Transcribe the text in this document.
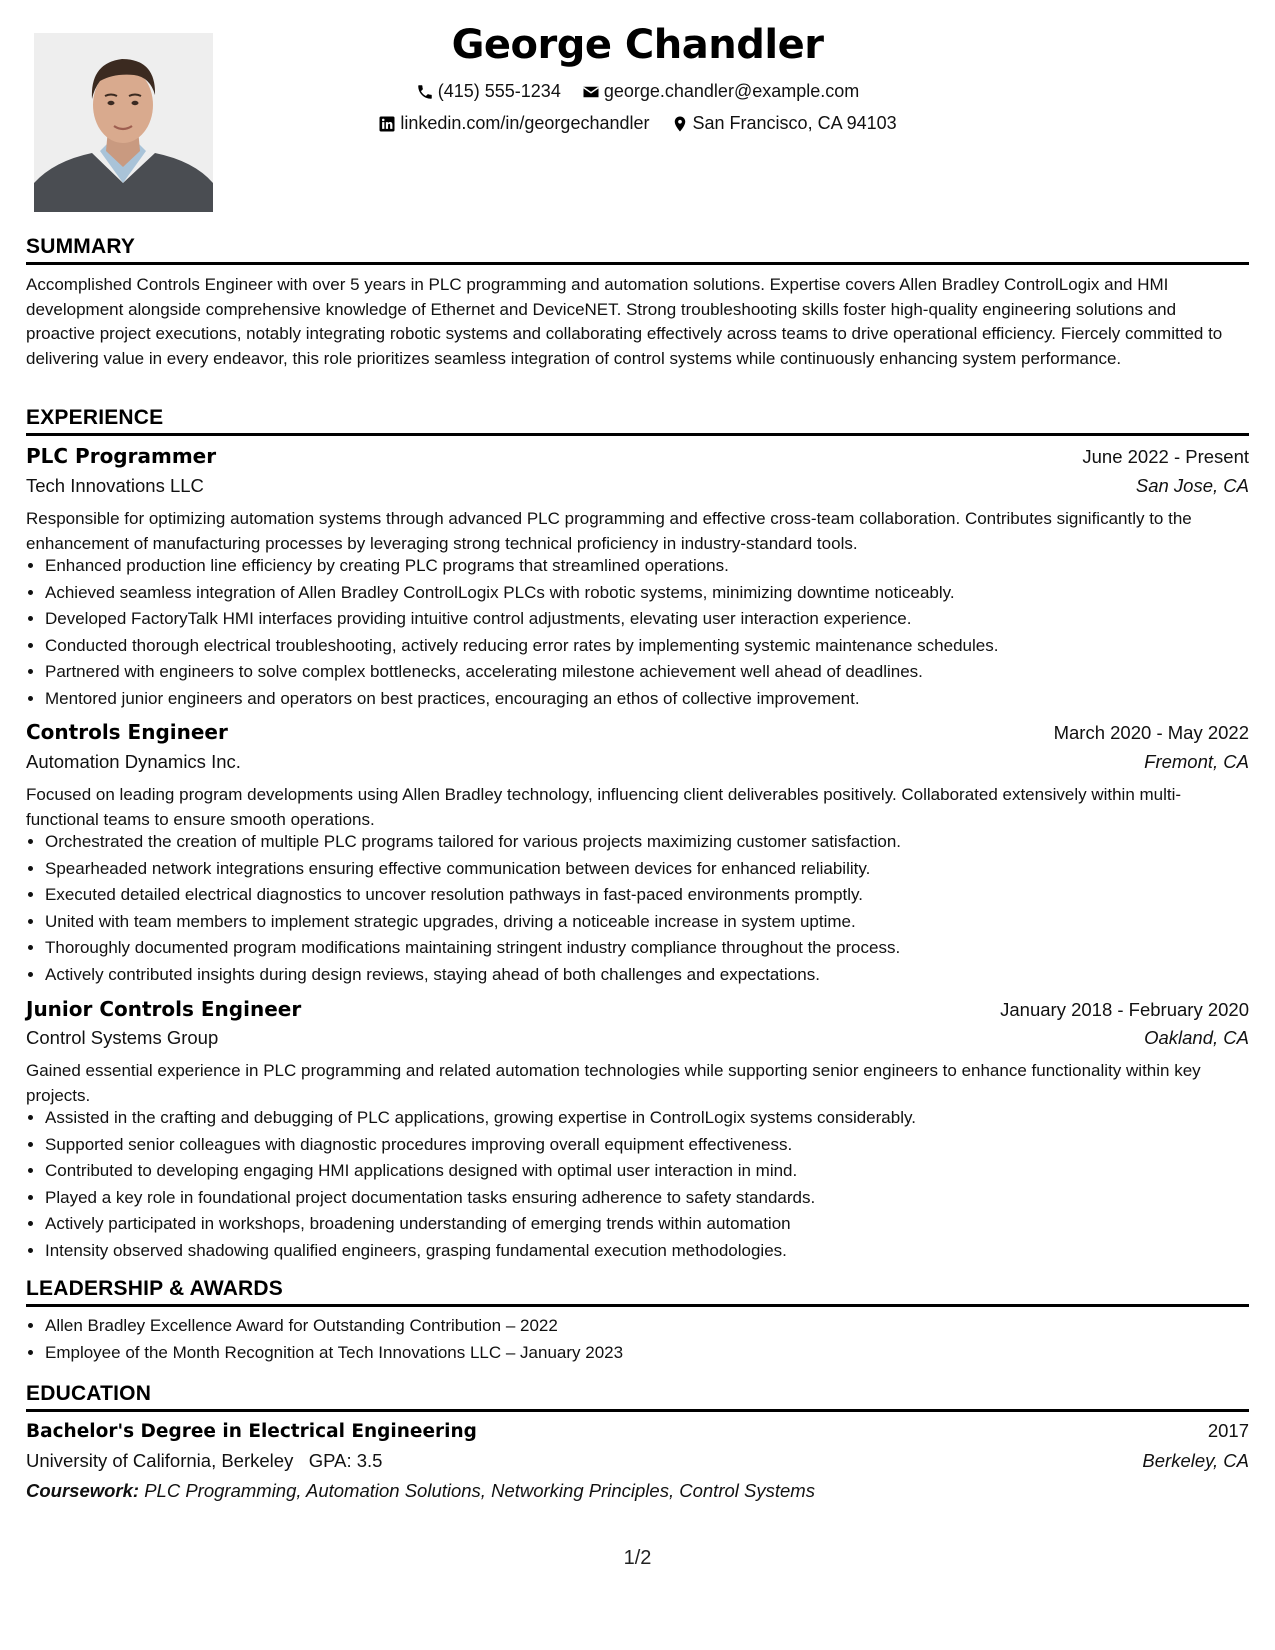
George Chandler
(415) 555-1234
george.chandler@example.com
linkedin.com/in/georgechandler
San Francisco, CA 94103
SUMMARY
Accomplished Controls Engineer with over 5 years in PLC programming and automation solutions. Expertise covers Allen Bradley ControlLogix and HMI development alongside comprehensive knowledge of Ethernet and DeviceNET. Strong troubleshooting skills foster high-quality engineering solutions and proactive project executions, notably integrating robotic systems and collaborating effectively across teams to drive operational efficiency. Fiercely committed to delivering value in every endeavor, this role prioritizes seamless integration of control systems while continuously enhancing system performance.
EXPERIENCE
PLC Programmer	June 2022 - Present
Tech Innovations LLC	San Jose, CA
Responsible for optimizing automation systems through advanced PLC programming and effective cross-team collaboration. Contributes significantly to the enhancement of manufacturing processes by leveraging strong technical proficiency in industry-standard tools.
• Enhanced production line efficiency by creating PLC programs that streamlined operations.
• Achieved seamless integration of Allen Bradley ControlLogix PLCs with robotic systems, minimizing downtime noticeably.
• Developed FactoryTalk HMI interfaces providing intuitive control adjustments, elevating user interaction experience.
• Conducted thorough electrical troubleshooting, actively reducing error rates by implementing systemic maintenance schedules.
• Partnered with engineers to solve complex bottlenecks, accelerating milestone achievement well ahead of deadlines.
• Mentored junior engineers and operators on best practices, encouraging an ethos of collective improvement.
Controls Engineer	March 2020 - May 2022
Automation Dynamics Inc.	Fremont, CA
Focused on leading program developments using Allen Bradley technology, influencing client deliverables positively. Collaborated extensively within multi-functional teams to ensure smooth operations.
• Orchestrated the creation of multiple PLC programs tailored for various projects maximizing customer satisfaction.
• Spearheaded network integrations ensuring effective communication between devices for enhanced reliability.
• Executed detailed electrical diagnostics to uncover resolution pathways in fast-paced environments promptly.
• United with team members to implement strategic upgrades, driving a noticeable increase in system uptime.
• Thoroughly documented program modifications maintaining stringent industry compliance throughout the process.
• Actively contributed insights during design reviews, staying ahead of both challenges and expectations.
Junior Controls Engineer	January 2018 - February 2020
Control Systems Group	Oakland, CA
Gained essential experience in PLC programming and related automation technologies while supporting senior engineers to enhance functionality within key projects.
• Assisted in the crafting and debugging of PLC applications, growing expertise in ControlLogix systems considerably.
• Supported senior colleagues with diagnostic procedures improving overall equipment effectiveness.
• Contributed to developing engaging HMI applications designed with optimal user interaction in mind.
• Played a key role in foundational project documentation tasks ensuring adherence to safety standards.
• Actively participated in workshops, broadening understanding of emerging trends within automation
• Intensity observed shadowing qualified engineers, grasping fundamental execution methodologies.
LEADERSHIP & AWARDS
• Allen Bradley Excellence Award for Outstanding Contribution – 2022
• Employee of the Month Recognition at Tech Innovations LLC – January 2023
EDUCATION
Bachelor's Degree in Electrical Engineering	2017
University of California, Berkeley GPA: 3.5	Berkeley, CA
Coursework: PLC Programming, Automation Solutions, Networking Principles, Control Systems
1/2
